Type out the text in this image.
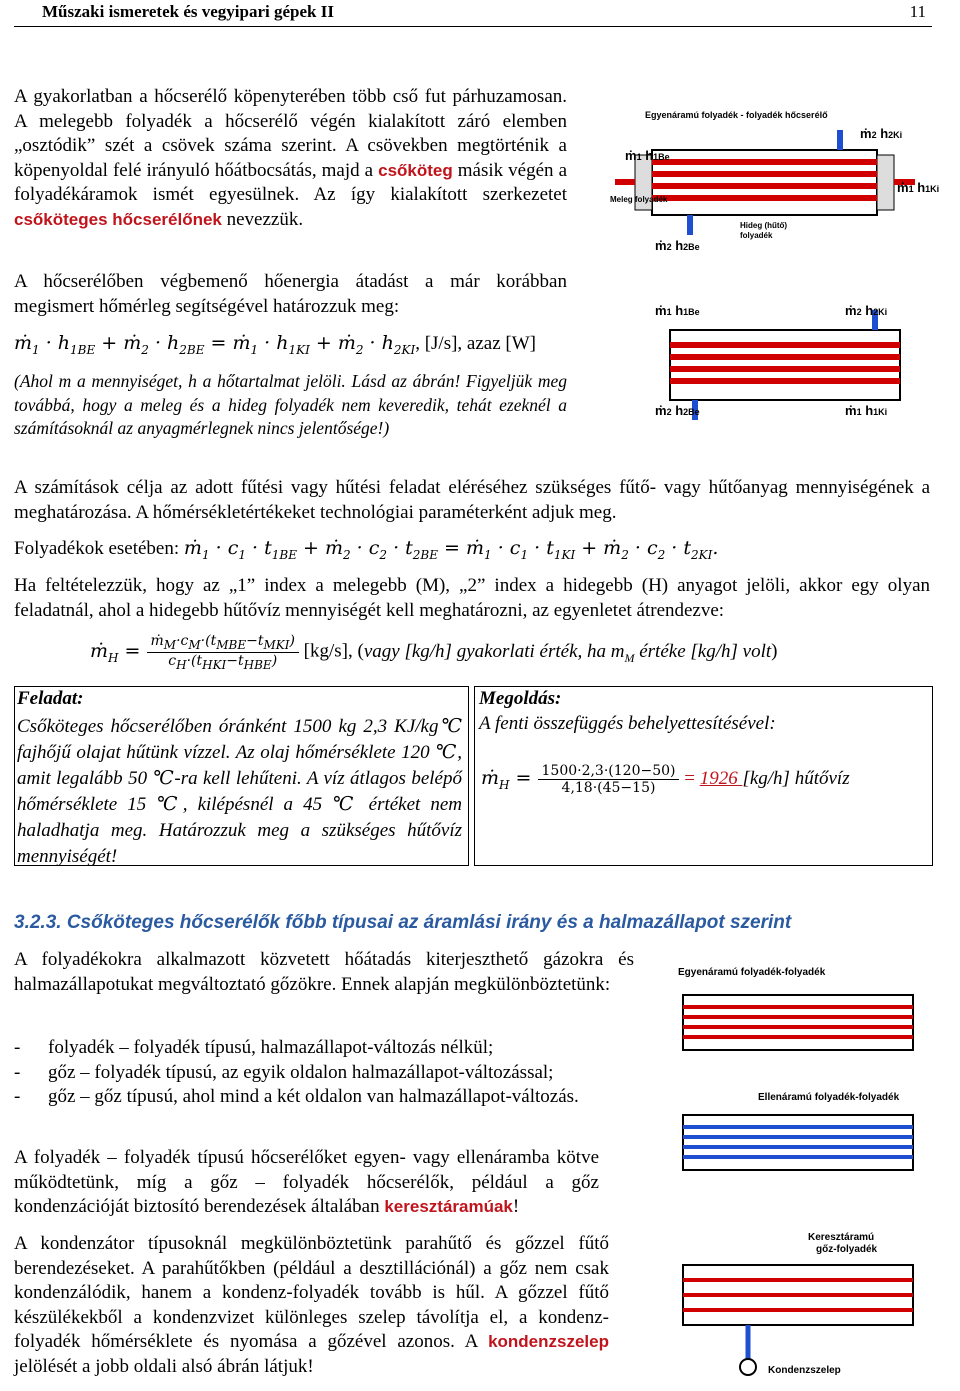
Műszaki ismeretek és vegyipari gépek II	11
A gyakorlatban a hőcserélő köpenyterében több cső fut párhuzamosan. A melegebb folyadék a hőcserélő végén kialakított záró elemben „osztódik” szét a csövek száma szerint. A csövekben megtörténik a köpenyoldal felé irányuló hőátbocsátás, majd a csőköteg másik végén a folyadékáramok ismét egyesülnek. Az így kialakított szerkezetet csőköteges hőcserélőnek nevezzük.
Egyenáramú folyadék - folyadék hőcserélő
ṁ1 h1Be
ṁ2 h2Ki
ṁ1 h1Ki
ṁ2 h2Be
Meleg folyadék
Hideg (hűtő)
folyadék
A hőcserélőben végbemenő hőenergia átadást a már korábban megismert hőmérleg segítségével határozzuk meg:
ṁ$_1$ · $h_{1BE}$ + ṁ$_2$ · $h_{2BE}$ = ṁ$_1$ · $h_{1KI}$ + ṁ$_2$ · $h_{2KI}$, [J/s], azaz [W]
(Ahol m a mennyiséget, h a hőtartalmat jelöli. Lásd az ábrán! Figyeljük meg továbbá, hogy a meleg és a hideg folyadék nem keveredik, tehát ezeknél a számításoknál az anyagmérlegnek nincs jelentősége!)
ṁ1 h1Be	ṁ2 h2Ki
ṁ2 h2Be	ṁ1 h1Ki
A számítások célja az adott fűtési vagy hűtési feladat eléréséhez szükséges fűtő- vagy hűtőanyag mennyiségének a meghatározása. A hőmérsékletértékeket technológiai paraméterként adjuk meg.
Folyadékok esetében: ṁ$_1$ · $c_1 \cdot t_{1BE}$ + ṁ$_2$ · $c_2 \cdot t_{2BE}$ = ṁ$_1$ · $c_1 \cdot t_{1KI}$ + ṁ$_2$ · $c_2 \cdot t_{2KI}$.
Ha feltételezzük, hogy az „1” index a melegebb (M), „2” index a hidegebb (H) anyagot jelöli, akkor egy olyan feladatnál, ahol a hidegebb hűtővíz mennyiségét kell meghatározni, az egyenletet átrendezve:
ṁ$_H$ = $\frac{ṁ_M\cdot c_M\cdot(t_{MBE}-t_{MKI})}{c_H\cdot(t_{HKI}-t_{HBE})} [kg/s]$, (vagy [kg/h] gyakorlati érték, ha $m_M$ értéke [kg/h] volt)
Feladat:
Csőköteges hőcserélőben óránként 1500 kg 2,3 KJ/kg℃ fajhőjű olajat hűtünk vízzel. Az olaj hőmérséklete 120 ℃, amit legalább 50 ℃-ra kell lehűteni. A víz átlagos belépő hőmérséklete 15 ℃, kilépésnél a 45 ℃ értéket nem haladhatja meg. Határozzuk meg a szükséges hűtővíz mennyiségét!
Megoldás:
A fenti összefüggés behelyettesítésével:
ṁ$_H$ = $\frac{1500\cdot 2,3\cdot(120-50)}{4,18\cdot(45-15)} = 1926$ [kg/h] hűtővíz
3.2.3. Csőköteges hőcserélők főbb típusai az áramlási irány és a halmazállapot szerint
A folyadékokra alkalmazott közvetett hőátadás kiterjeszthető gázokra és halmazállapotukat megváltoztató gőzökre. Ennek alapján megkülönböztetünk:
- folyadék – folyadék típusú, halmazállapot-változás nélkül;
- gőz – folyadék típusú, az egyik oldalon halmazállapot-változással;
- gőz – gőz típusú, ahol mind a két oldalon van halmazállapot-változás.
A folyadék – folyadék típusú hőcserélőket egyen- vagy ellenáramba kötve működtetünk, míg a gőz – folyadék hőcserélők, például a gőz kondenzációját biztosító berendezések általában keresztáramúak!
A kondenzátor típusoknál megkülönböztetünk parahűtő és gőzzel fűtő berendezéseket. A parahűtőkben (például a desztillációnál) a gőz nem csak kondenzálódik, hanem a kondenz-folyadék tovább is hűl. A gőzzel fűtő készülékekből a kondenzvizet különleges szelep távolítja el, a kondenz-folyadék hőmérséklete és nyomása a gőzével azonos. A kondenzszelep jelölését a jobb oldali alsó ábrán látjuk!
Egyenáramú folyadék-folyadék
Ellenáramú folyadék-folyadék
Keresztáramú
gőz-folyadék
Kondenzszelep
